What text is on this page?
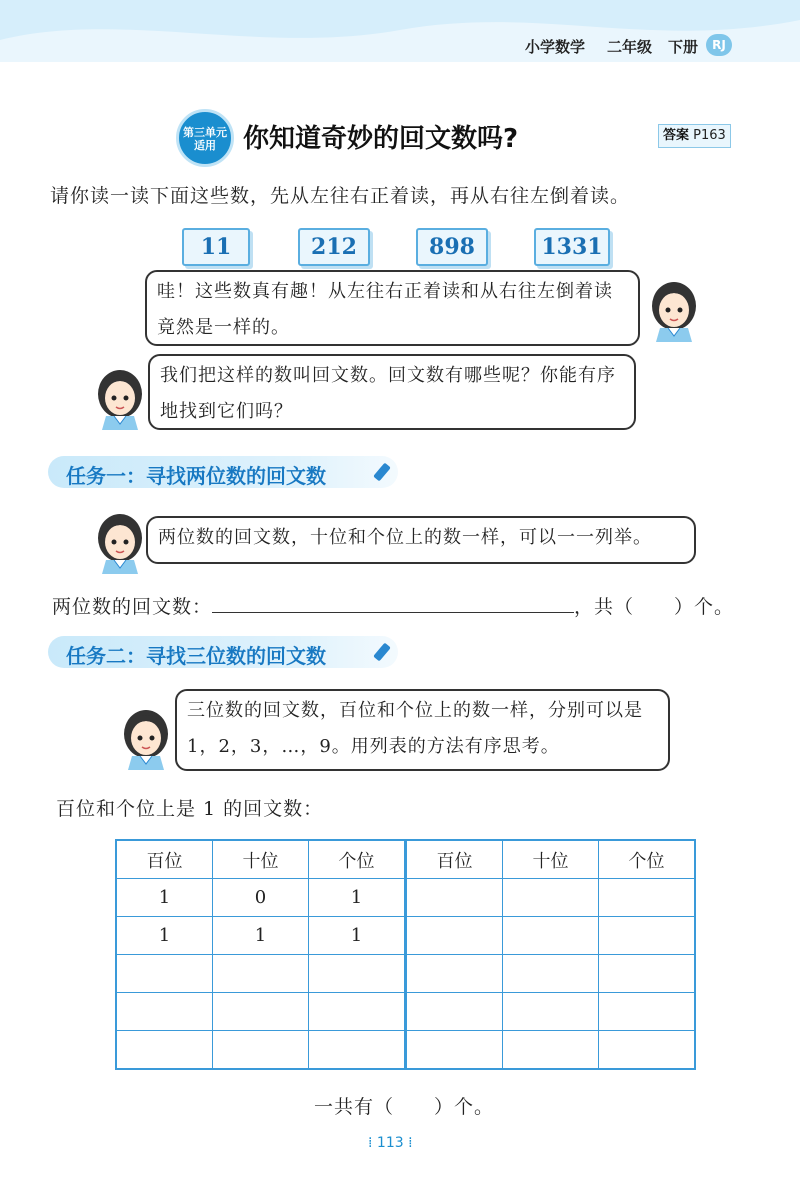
小学数学 二年级 下册	RJ
第三单元
适用	你知道奇妙的回文数吗?	答案 P163
请你读一读下面这些数，先从左往右正着读，再从右往左倒着读。
11	212	898	1331
哇！这些数真有趣！从左往右正着读和从右往左倒着读竟然是一样的。
我们把这样的数叫回文数。回文数有哪些呢？你能有序地找到它们吗？
任务一：寻找两位数的回文数
两位数的回文数，十位和个位上的数一样，可以一一列举。
两位数的回文数：	，共（　　）个。
任务二：寻找三位数的回文数
三位数的回文数，百位和个位上的数一样，分别可以是1，2，3，…，9。用列表的方法有序思考。
百位和个位上是 1 的回文数：
百位	十位	个位	百位	十位	个位
1	0	1			
1	1	1			

一共有（　　）个。
⁞ 113 ⁞
